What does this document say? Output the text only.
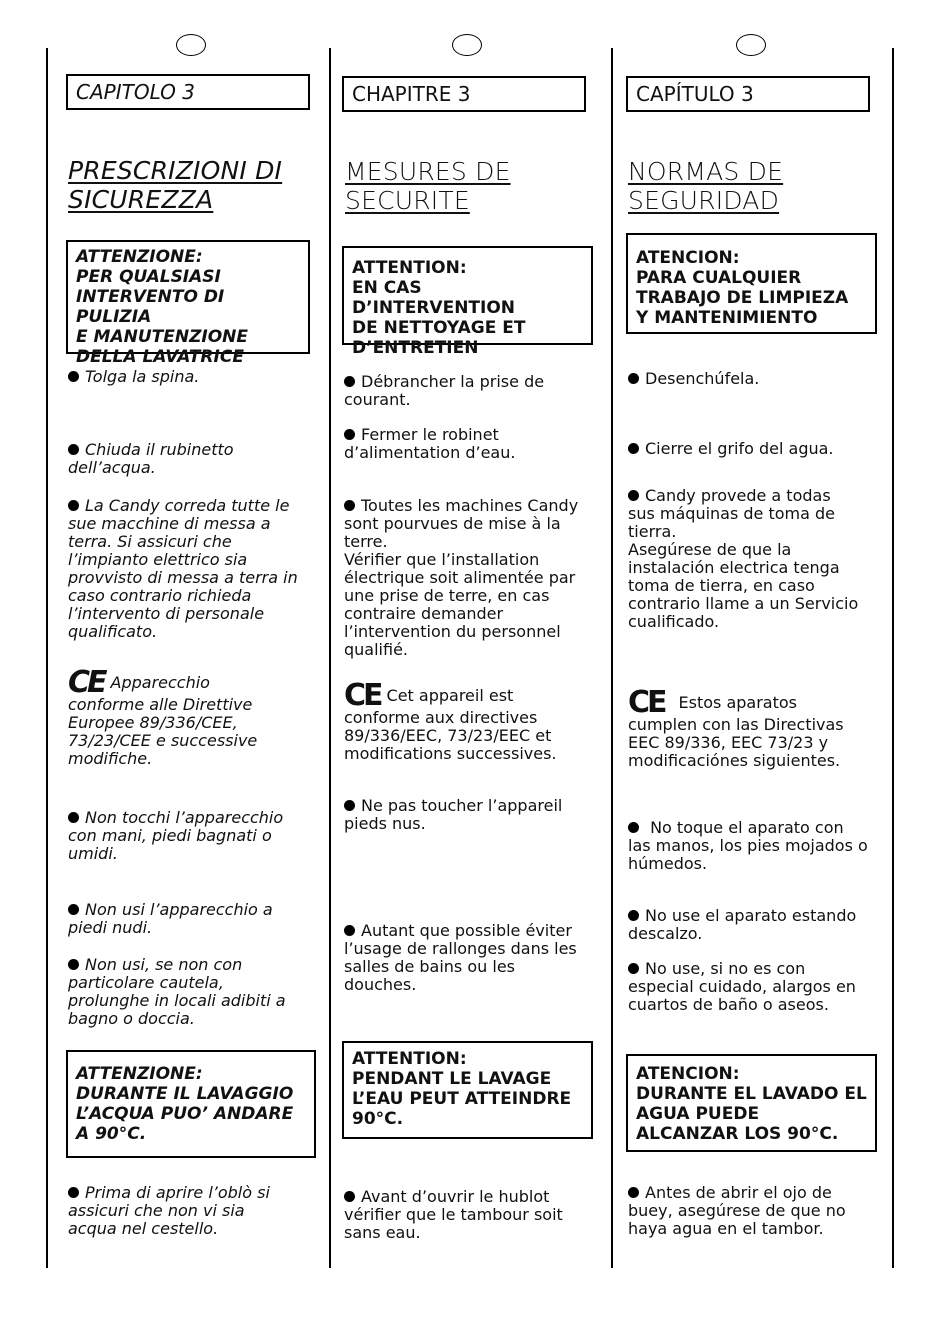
CAPITOLO 3
PRESCRIZIONI DI
SICUREZZA
ATTENZIONE:
PER QUALSIASI
INTERVENTO DI PULIZIA
E MANUTENZIONE
DELLA LAVATRICE
Tolga la spina.
Chiuda il rubinetto
dell’acqua.
La Candy correda tutte le
sue macchine di messa a
terra. Si assicuri che
l’impianto elettrico sia
provvisto di messa a terra in
caso contrario richieda
l’intervento di personale
qualificato.
CE Apparecchio
conforme alle Direttive
Europee 89/336/CEE,
73/23/CEE e successive
modifiche.
Non tocchi l’apparecchio
con mani, piedi bagnati o
umidi.
Non usi l’apparecchio a
piedi nudi.
Non usi, se non con
particolare cautela,
prolunghe in locali adibiti a
bagno o doccia.
ATTENZIONE:
DURANTE IL LAVAGGIO
L’ACQUA PUO’ ANDARE
A 90°C.
Prima di aprire l’oblò si
assicuri che non vi sia
acqua nel cestello.
CHAPITRE 3
MESURES DE
SECURITE
ATTENTION:
EN CAS D’INTERVENTION
DE NETTOYAGE ET
D’ENTRETIEN
Débrancher la prise de
courant.
Fermer le robinet
d’alimentation d’eau.
Toutes les machines Candy
sont pourvues de mise à la
terre.
Vérifier que l’installation
électrique soit alimentée par
une prise de terre, en cas
contraire demander
l’intervention du personnel
qualifié.
CE Cet appareil est
conforme aux directives
89/336/EEC, 73/23/EEC et
modifications successives.
Ne pas toucher l’appareil
pieds nus.
Autant que possible éviter
l’usage de rallonges dans les
salles de bains ou les
douches.
ATTENTION:
PENDANT LE LAVAGE
L’EAU PEUT ATTEINDRE
90°C.
Avant d’ouvrir le hublot
vérifier que le tambour soit
sans eau.
CAPÍTULO 3
NORMAS DE
SEGURIDAD
ATENCION:
PARA CUALQUIER
TRABAJO DE LIMPIEZA
Y MANTENIMIENTO
Desenchúfela.
Cierre el grifo del agua.
Candy provede a todas
sus máquinas de toma de
tierra.
Asegúrese de que la
instalación electrica tenga
toma de tierra, en caso
contrario llame a un Servicio
cualificado.
CE Estos aparatos
cumplen con las Directivas
EEC 89/336, EEC 73/23 y
modificaciónes siguientes.
No toque el aparato con
las manos, los pies mojados o
húmedos.
No use el aparato estando
descalzo.
No use, si no es con
especial cuidado, alargos en
cuartos de baño o aseos.
ATENCION:
DURANTE EL LAVADO EL
AGUA PUEDE
ALCANZAR LOS 90°C.
Antes de abrir el ojo de
buey, asegúrese de que no
haya agua en el tambor.
